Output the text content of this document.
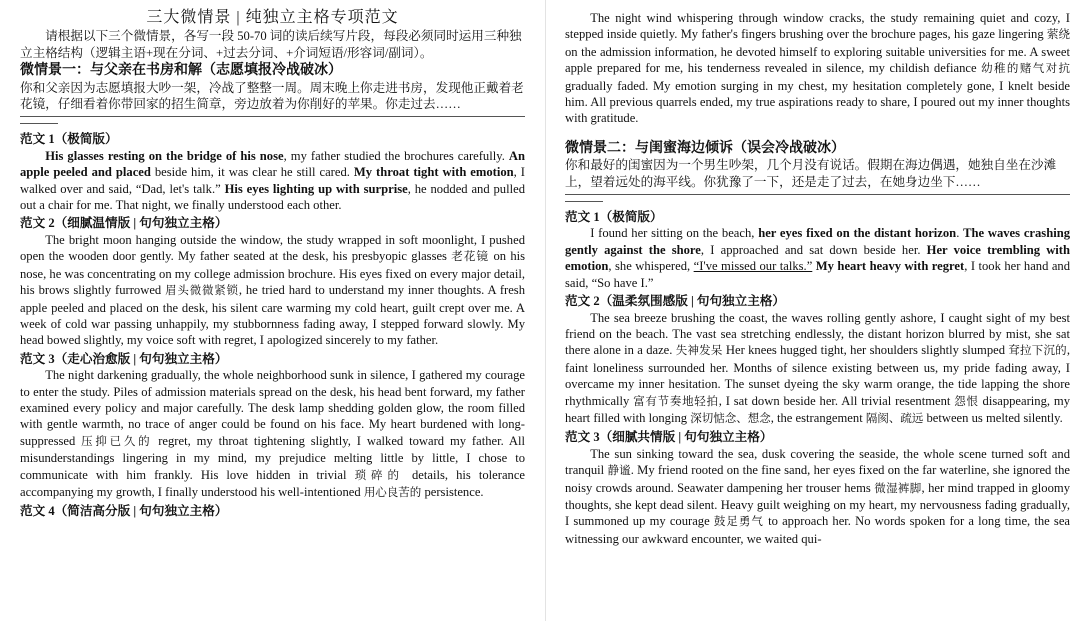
三大微情景 | 纯独立主格专项范文

请根据以下三个微情景，各写一段 50-70 词的读后续写片段，每段必须同时运用三种独立主格结构（逻辑主语+现在分词、+过去分词、+介词短语/形容词/副词）。

微情景一：与父亲在书房和解（志愿填报冷战破冰）

你和父亲因为志愿填报大吵一架，冷战了整整一周。周末晚上你走进书房，发现他正戴着老花镜，仔细看着你带回家的招生简章，旁边放着为你削好的苹果。你走过去……

范文 1（极简版）

His glasses resting on the bridge of his nose, my father studied the brochures carefully. An apple peeled and placed beside him, it was clear he still cared. My throat tight with emotion, I walked over and said, “Dad, let's talk.” His eyes lighting up with surprise, he nodded and pulled out a chair for me. That night, we finally understood each other.

范文 2（细腻温情版 | 句句独立主格）

The bright moon hanging outside the window, the study wrapped in soft moonlight, I pushed open the wooden door gently. My father seated at the desk, his presbyopic glasses 老花镜 on his nose, he was concentrating on my college admission brochure. His eyes fixed on every major detail, his brows slightly furrowed 眉头微微紧锁, he tried hard to understand my inner thoughts. A fresh apple peeled and placed on the desk, his silent care warming my cold heart, guilt crept over me. A week of cold war passing unhappily, my stubbornness fading away, I stepped forward slowly. My head bowed slightly, my voice soft with regret, I apologized sincerely to my father.

范文 3（走心治愈版 | 句句独立主格）

The night darkening gradually, the whole neighborhood sunk in silence, I gathered my courage to enter the study. Piles of admission materials spread on the desk, his head bent forward, my father examined every policy and major carefully. The desk lamp shedding golden glow, the room filled with gentle warmth, no trace of anger could be found on his face. My heart burdened with long-suppressed 压抑已久的 regret, my throat tightening slightly, I walked toward my father. All misunderstandings lingering in my mind, my prejudice melting little by little, I chose to communicate with him frankly. His love hidden in trivial 琐碎的 details, his tolerance accompanying my growth, I finally understood his well-intentioned 用心良苦的 persistence.

范文 4（简洁高分版 | 句句独立主格）

The night wind whispering through window cracks, the study remaining quiet and cozy, I stepped inside quietly. My father's fingers brushing over the brochure pages, his gaze lingering 萦绕 on the admission information, he devoted himself to exploring suitable universities for me. A sweet apple prepared for me, his tenderness revealed in silence, my childish defiance 幼稚的赌气对抗 gradually faded. My emotion surging in my chest, my hesitation completely gone, I knelt beside him. All previous quarrels ended, my true aspirations ready to share, I poured out my inner thoughts with gratitude.

微情景二：与闺蜜海边倾诉（误会冷战破冰）

你和最好的闺蜜因为一个男生吵架，几个月没有说话。假期在海边偶遇，她独自坐在沙滩上，望着远处的海平线。你犹豫了一下，还是走了过去，在她身边坐下……

范文 1（极简版）

I found her sitting on the beach, her eyes fixed on the distant horizon. The waves crashing gently against the shore, I approached and sat down beside her. Her voice trembling with emotion, she whispered, “I've missed our talks.” My heart heavy with regret, I took her hand and said, “So have I.”

范文 2（温柔氛围感版 | 句句独立主格）

The sea breeze brushing the coast, the waves rolling gently ashore, I caught sight of my best friend on the beach. The vast sea stretching endlessly, the distant horizon blurred by mist, she sat there alone in a daze. 失神发呆 Her knees hugged tight, her shoulders slightly slumped 耷拉下沉的, faint loneliness surrounded her. Months of silence existing between us, my pride fading away, I overcame my inner hesitation. The sunset dyeing the sky warm orange, the tide lapping the shore rhythmically 富有节奏地轻拍, I sat down beside her. All trivial resentment 怨恨 disappearing, my heart filled with longing 深切惦念、想念, the estrangement 隔阂、疏远 between us melted silently.

范文 3（细腻共情版 | 句句独立主格）

The sun sinking toward the sea, dusk covering the seaside, the whole scene turned soft and tranquil 静谧. My friend rooted on the fine sand, her eyes fixed on the far waterline, she ignored the noisy crowds around. Seawater dampening her trouser hems 微湿裤脚, her mind trapped in gloomy thoughts, she kept dead silent. Heavy guilt weighing on my heart, my nervousness fading gradually, I summoned up my courage 鼓足勇气 to approach her. No words spoken for a long time, the sea witnessing our awkward encounter, we waited qui-
